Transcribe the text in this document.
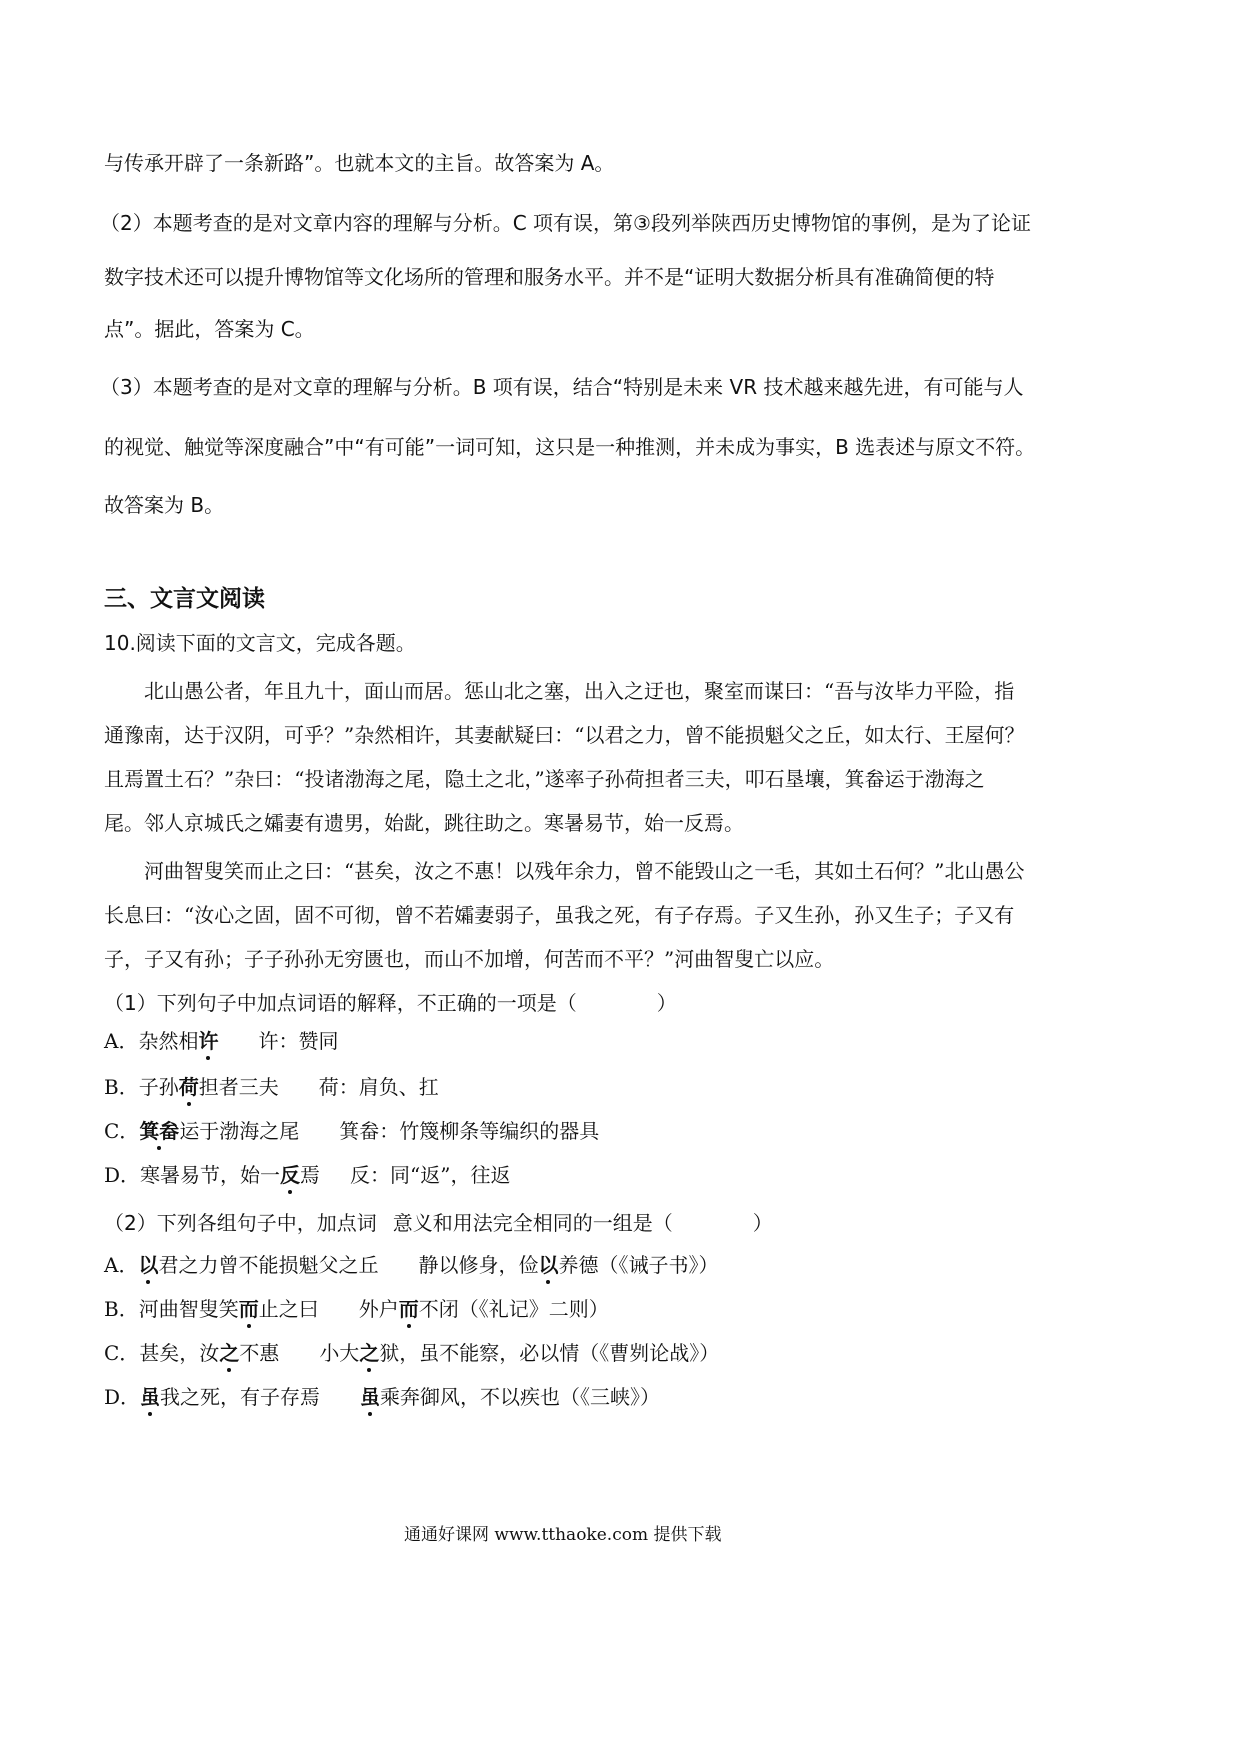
与传承开辟了一条新路”。也就本文的主旨。故答案为 A。
（2）本题考查的是对文章内容的理解与分析。C 项有误，第③段列举陕西历史博物馆的事例，是为了论证
数字技术还可以提升博物馆等文化场所的管理和服务水平。并不是“证明大数据分析具有准确简便的特
点”。据此，答案为 C。
（3）本题考查的是对文章的理解与分析。B 项有误，结合“特别是未来 VR 技术越来越先进，有可能与人
的视觉、触觉等深度融合”中“有可能”一词可知，这只是一种推测，并未成为事实，B 选表述与原文不符。
故答案为 B。
三、文言文阅读
10.阅读下面的文言文，完成各题。
北山愚公者，年且九十，面山而居。惩山北之塞，出入之迂也，聚室而谋曰：“吾与汝毕力平险，指
通豫南，达于汉阴，可乎？”杂然相许，其妻献疑曰：“以君之力，曾不能损魁父之丘，如太行、王屋何？
且焉置土石？”杂曰：“投诸渤海之尾，隐土之北，”遂率子孙荷担者三夫，叩石垦壤，箕畚运于渤海之
尾。邻人京城氏之孀妻有遗男，始龀，跳往助之。寒暑易节，始一反焉。
河曲智叟笑而止之曰：“甚矣，汝之不惠！以残年余力，曾不能毁山之一毛，其如土石何？”北山愚公
长息曰：“汝心之固，固不可彻，曾不若孀妻弱子，虽我之死，有子存焉。子又生孙，孙又生子；子又有
子，子又有孙；子子孙孙无穷匮也，而山不加增，何苦而不平？”河曲智叟亡以应。
（1）下列句子中加点词语的解释，不正确的一项是（	）
A．杂然相许 许：赞同
B．子孙荷担者三夫 荷：肩负、扛
C．箕畚运于渤海之尾 箕畚：竹篾柳条等编织的器具
D．寒暑易节，始一反焉 反：同“返”，往返
（2）下列各组句子中，加点词 意义和用法完全相同的一组是（	）
A．以君之力曾不能损魁父之丘 静以修身，俭以养德（《诫子书》）
B．河曲智叟笑而止之曰 外户而不闭（《礼记》二则）
C．甚矣，汝之不惠 小大之狱，虽不能察，必以情（《曹刿论战》）
D．虽我之死，有子存焉 虽乘奔御风，不以疾也（《三峡》）
通通好课网 www.tthaoke.com 提供下载
